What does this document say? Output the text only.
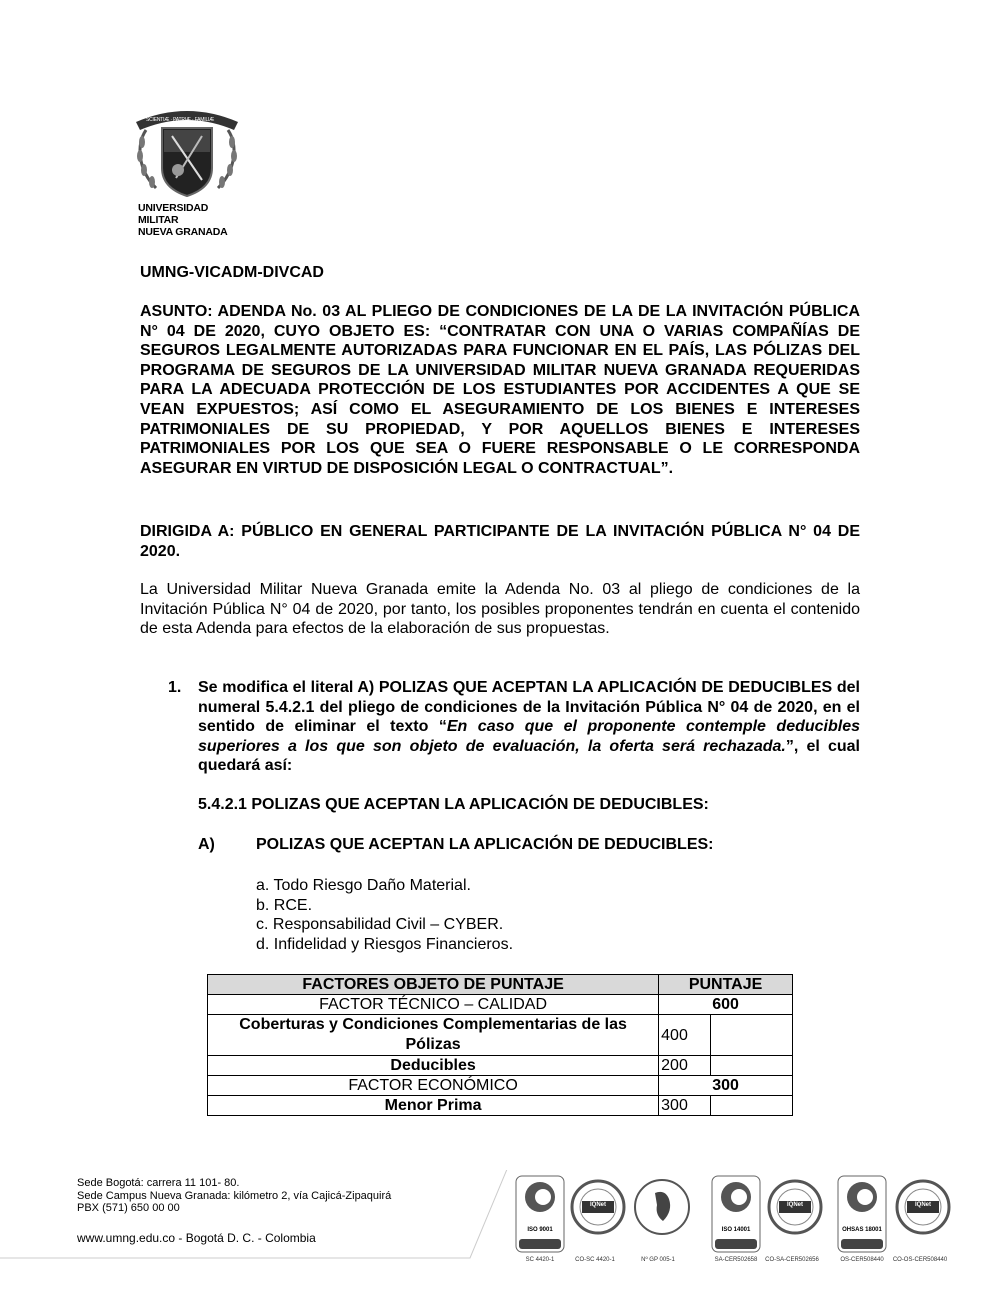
SCIENTIÆ · PATRIÆ · FAMILIÆ
UNIVERSIDAD MILITAR
NUEVA GRANADA
UMNG-VICADM-DIVCAD
ASUNTO: ADENDA No. 03 AL PLIEGO DE CONDICIONES DE LA DE LA INVITACIÓN PÚBLICA N° 04 DE 2020, CUYO OBJETO ES: “CONTRATAR CON UNA O VARIAS COMPAÑÍAS DE SEGUROS LEGALMENTE AUTORIZADAS PARA FUNCIONAR EN EL PAÍS, LAS PÓLIZAS DEL PROGRAMA DE SEGUROS DE LA UNIVERSIDAD MILITAR NUEVA GRANADA REQUERIDAS PARA LA ADECUADA PROTECCIÓN DE LOS ESTUDIANTES POR ACCIDENTES A QUE SE VEAN EXPUESTOS; ASÍ COMO EL ASEGURAMIENTO DE LOS BIENES E INTERESES PATRIMONIALES DE SU PROPIEDAD, Y POR AQUELLOS BIENES E INTERESES PATRIMONIALES POR LOS QUE SEA O FUERE RESPONSABLE O LE CORRESPONDA ASEGURAR EN VIRTUD DE DISPOSICIÓN LEGAL O CONTRACTUAL”.
DIRIGIDA A: PÚBLICO EN GENERAL PARTICIPANTE DE LA INVITACIÓN PÚBLICA N° 04 DE 2020.
La Universidad Militar Nueva Granada emite la Adenda No. 03 al pliego de condiciones de la Invitación Pública N° 04 de 2020, por tanto, los posibles proponentes tendrán en cuenta el contenido de esta Adenda para efectos de la elaboración de sus propuestas.
1. Se modifica el literal A) POLIZAS QUE ACEPTAN LA APLICACIÓN DE DEDUCIBLES del numeral 5.4.2.1 del pliego de condiciones de la Invitación Pública N° 04 de 2020, en el sentido de eliminar el texto “En caso que el proponente contemple deducibles superiores a los que son objeto de evaluación, la oferta será rechazada.”, el cual quedará así:
5.4.2.1 POLIZAS QUE ACEPTAN LA APLICACIÓN DE DEDUCIBLES:
A)	POLIZAS QUE ACEPTAN LA APLICACIÓN DE DEDUCIBLES:
a. Todo Riesgo Daño Material.
b. RCE.
c. Responsabilidad Civil – CYBER.
d. Infidelidad y Riesgos Financieros.
FACTORES OBJETO DE PUNTAJE	PUNTAJE	
FACTOR TÉCNICO – CALIDAD	600	
Coberturas y Condiciones Complementarias de las Pólizas	400	
Deducibles	200	
FACTOR ECONÓMICO	300	
Menor Prima	300	
Sede Bogotá: carrera 11 101- 80.
Sede Campus Nueva Granada: kilómetro 2, vía Cajicá-Zipaquirá
PBX (571) 650 00 00
www.umng.edu.co - Bogotá D. C. - Colombia
ISO 9001
SC 4420-1
IQNet
CO-SC 4420-1	Nº GP 005-1
ISO 14001
SA-CER502658
IQNet
CO-SA-CER502656
OHSAS 18001
OS-CER508440
IQNet
CO-OS-CER508440
